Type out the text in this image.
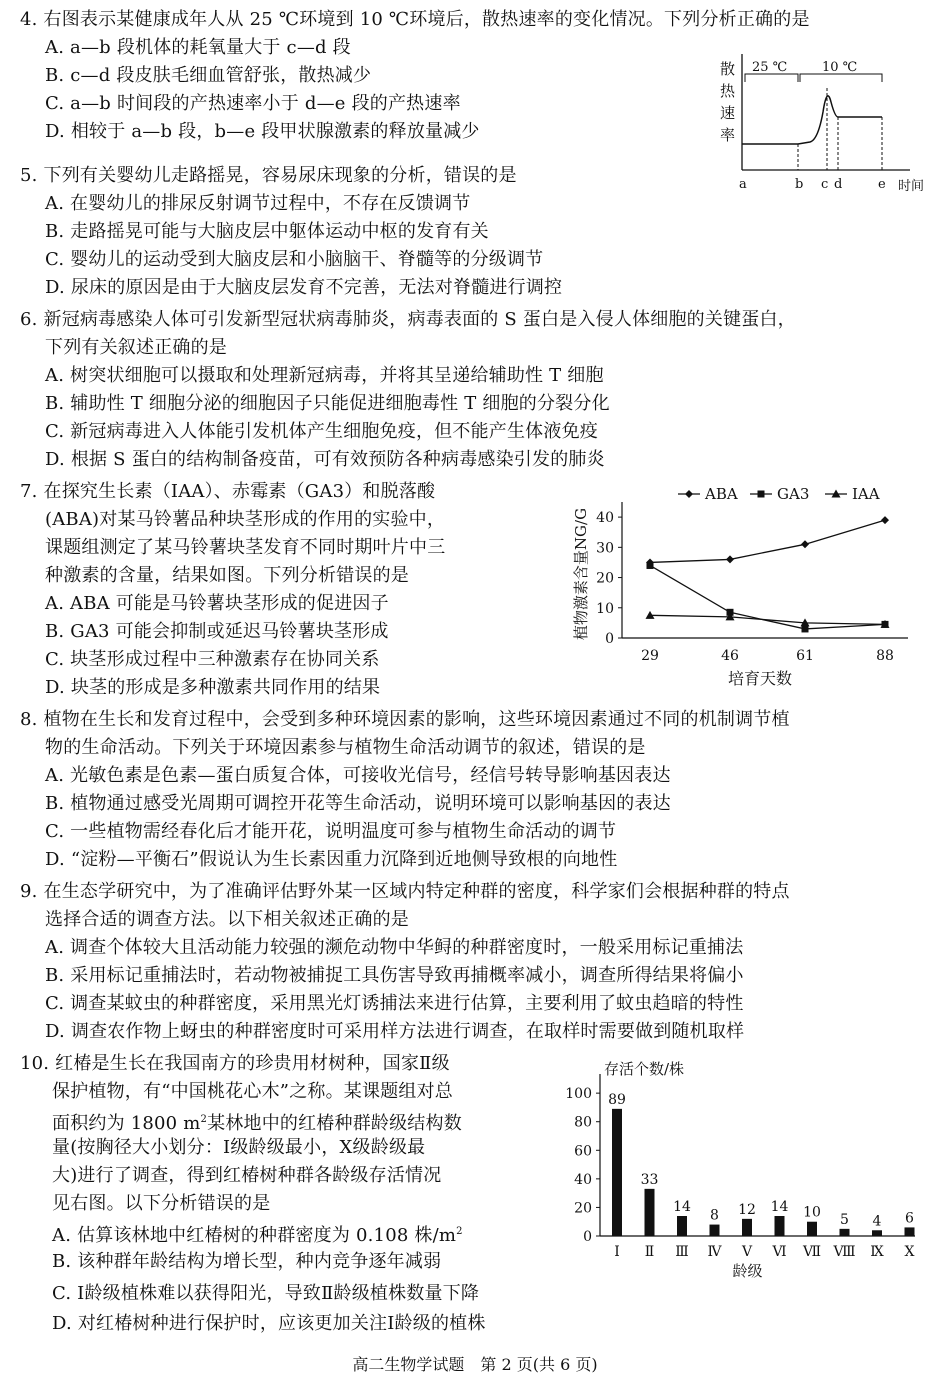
4. 右图表示某健康成年人从 25 ℃环境到 10 ℃环境后，散热速率的变化情况。下列分析正确的是
A. a—b 段机体的耗氧量大于 c—d 段
B. c—d 段皮肤毛细血管舒张，散热减少
C. a—b 时间段的产热速率小于 d—e 段的产热速率
D. 相较于 a—b 段，b—e 段甲状腺激素的释放量减少
散
热
速
率
25 ℃	10 ℃
a	b c d	e 时间
5. 下列有关婴幼儿走路摇晃，容易尿床现象的分析，错误的是
A. 在婴幼儿的排尿反射调节过程中，不存在反馈调节
B. 走路摇晃可能与大脑皮层中躯体运动中枢的发育有关
C. 婴幼儿的运动受到大脑皮层和小脑脑干、脊髓等的分级调节
D. 尿床的原因是由于大脑皮层发育不完善，无法对脊髓进行调控
6. 新冠病毒感染人体可引发新型冠状病毒肺炎，病毒表面的 S 蛋白是入侵人体细胞的关键蛋白，
下列有关叙述正确的是
A. 树突状细胞可以摄取和处理新冠病毒，并将其呈递给辅助性 T 细胞
B. 辅助性 T 细胞分泌的细胞因子只能促进细胞毒性 T 细胞的分裂分化
C. 新冠病毒进入人体能引发机体产生细胞免疫，但不能产生体液免疫
D. 根据 S 蛋白的结构制备疫苗，可有效预防各种病毒感染引发的肺炎
7. 在探究生长素（IAA）、赤霉素（GA3）和脱落酸
(ABA)对某马铃薯品种块茎形成的作用的实验中，
课题组测定了某马铃薯块茎发育不同时期叶片中三
种激素的含量，结果如图。下列分析错误的是
A. ABA 可能是马铃薯块茎形成的促进因子
B. GA3 可能会抑制或延迟马铃薯块茎形成
C. 块茎形成过程中三种激素存在协同关系
D. 块茎的形成是多种激素共同作用的结果
0
10
20
30
40
29	46	61	88
培育天数
植物激素含量NG/G
ABA	GA3	IAA
8. 植物在生长和发育过程中，会受到多种环境因素的影响，这些环境因素通过不同的机制调节植
物的生命活动。下列关于环境因素参与植物生命活动调节的叙述，错误的是
A. 光敏色素是色素—蛋白质复合体，可接收光信号，经信号转导影响基因表达
B. 植物通过感受光周期可调控开花等生命活动，说明环境可以影响基因的表达
C. 一些植物需经春化后才能开花，说明温度可参与植物生命活动的调节
D. “淀粉—平衡石”假说认为生长素因重力沉降到近地侧导致根的向地性
9. 在生态学研究中，为了准确评估野外某一区域内特定种群的密度，科学家们会根据种群的特点
选择合适的调查方法。以下相关叙述正确的是
A. 调查个体较大且活动能力较强的濒危动物中华鲟的种群密度时，一般采用标记重捕法
B. 采用标记重捕法时，若动物被捕捉工具伤害导致再捕概率减小，调查所得结果将偏小
C. 调查某蚊虫的种群密度，采用黑光灯诱捕法来进行估算，主要利用了蚊虫趋暗的特性
D. 调查农作物上蚜虫的种群密度时可采用样方法进行调查，在取样时需要做到随机取样
10. 红椿是生长在我国南方的珍贵用材树种，国家Ⅱ级
保护植物，有“中国桃花心木”之称。某课题组对总
面积约为 1800 $m^2$某林地中的红椿种群龄级结构数
量(按胸径大小划分：Ⅰ级龄级最小，Ⅹ级龄级最
大)进行了调查，得到红椿树种群各龄级存活情况
见右图。以下分析错误的是
A. 估算该林地中红椿树的种群密度为 0.108 株$/m^2$
B. 该种群年龄结构为增长型，种内竞争逐年减弱
C. Ⅰ龄级植株难以获得阳光，导致Ⅱ龄级植株数量下降
D. 对红椿树种进行保护时，应该更加关注Ⅰ龄级的植株
存活个数/株
0
20
40
60
80
100 89
Ⅰ
33
Ⅱ
14
Ⅲ
8
Ⅳ
12
Ⅴ
14
Ⅵ
10
Ⅶ
5
Ⅷ
4
Ⅸ
6
Ⅹ
龄级
高二生物学试题　第 2 页(共 6 页)
